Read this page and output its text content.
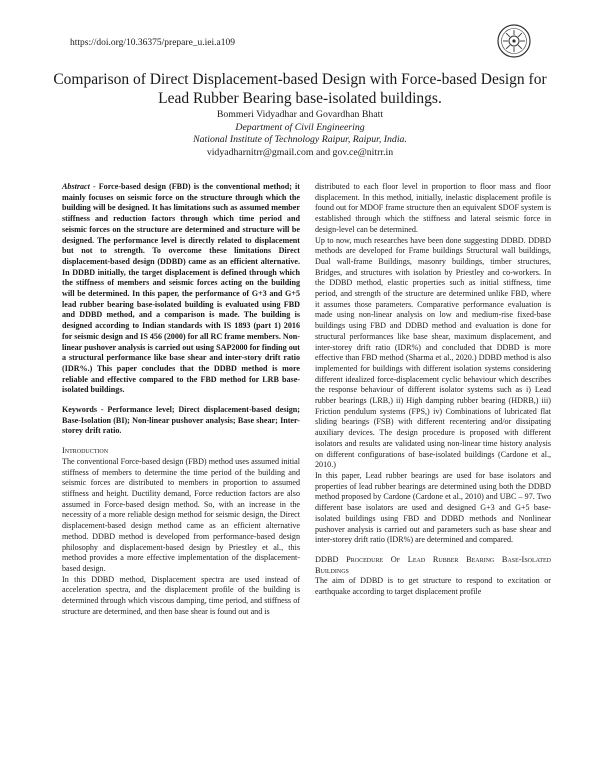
https://doi.org/10.36375/prepare_u.iei.a109
Comparison of Direct Displacement-based Design with Force-based Design for Lead Rubber Bearing base-isolated buildings.
Bommeri Vidyadhar and Govardhan Bhatt
Department of Civil Engineering
National Institute of Technology Raipur, Raipur, India.
vidyadharnitrr@gmail.com and gov.ce@nitrr.in

Abstract - Force-based design (FBD) is the conventional method; it mainly focuses on seismic force on the structure through which the building will be designed. It has limitations such as assumed member stiffness and reduction factors through which time period and seismic forces on the structure are determined and structure will be designed. The performance level is directly related to displacement but not to strength. To overcome these limitations Direct displacement-based design (DDBD) came as an efficient alternative. In DDBD initially, the target displacement is defined through which the stiffness of members and seismic forces acting on the building will be determined. In this paper, the performance of G+3 and G+5 lead rubber bearing base-isolated building is evaluated using FBD and DDBD method, and a comparison is made. The building is designed according to Indian standards with IS 1893 (part 1) 2016 for seismic design and IS 456 (2000) for all RC frame members. Non-linear pushover analysis is carried out using SAP2000 for finding out a structural performance like base shear and inter-story drift ratio (IDR%.) This paper concludes that the DDBD method is more reliable and effective compared to the FBD method for LRB base-isolated buildings.

Keywords - Performance level; Direct displacement-based design; Base-Isolation (BI); Non-linear pushover analysis; Base shear; Inter-storey drift ratio.

Introduction

The conventional Force-based design (FBD) method uses assumed initial stiffness of members to determine the time period of the building and seismic forces are distributed to members in proportion to assumed stiffness and height. Ductility demand, Force reduction factors are also assumed in Force-based design method. So, with an increase in the necessity of a more reliable design method for seismic design, the Direct displacement-based design method came as an efficient alternative method. DDBD method is developed from performance-based design philosophy and displacement-based design by Priestley et al., this method provides a more effective implementation of the displacement-based design.

In this DDBD method, Displacement spectra are used instead of acceleration spectra, and the displacement profile of the building is determined through which viscous damping, time period, and stiffness of structure are determined, and then base shear is found out and is

distributed to each floor level in proportion to floor mass and floor displacement. In this method, initially, inelastic displacement profile is found out for MDOF frame structure then an equivalent SDOF system is established through which the stiffness and lateral seismic force in design-level can be determined.

Up to now, much researches have been done suggesting DDBD. DDBD methods are developed for Frame buildings Structural wall buildings, Dual wall-frame Buildings, masonry buildings, timber structures, Bridges, and structures with isolation by Priestley and co-workers. In the DDBD method, elastic properties such as initial stiffness, time period, and strength of the structure are determined unlike FBD, where it assumes those parameters. Comparative performance evaluation is made using non-linear analysis on low and medium-rise fixed-base buildings using FBD and DDBD method and evaluation is done for structural performances like base shear, maximum displacement, and inter-storey drift ratio (IDR%) and concluded that DDBD is more effective than FBD method (Sharma et al., 2020.) DDBD method is also implemented for buildings with different isolation systems considering different idealized force-displacement cyclic behaviour which describes the response behaviour of different isolator systems such as i) Lead rubber bearings (LRB,) ii) High damping rubber bearing (HDRB,) iii) Friction pendulum systems (FPS,) iv) Combinations of lubricated flat sliding bearings (FSB) with different recentering and/or dissipating auxiliary devices. The design procedure is proposed with different isolators and results are validated using non-linear time history analysis on different configurations of base-isolated buildings (Cardone et al., 2010.)

In this paper, Lead rubber bearings are used for base isolators and properties of lead rubber bearings are determined using both the DDBD method proposed by Cardone (Cardone et al., 2010) and UBC – 97. Two different base isolators are used and designed G+3 and G+5 base-isolated buildings using FBD and DDBD methods and Nonlinear pushover analysis is carried out and parameters such as base shear and inter-storey drift ratio (IDR%) are determined and compared.

DDBD Procedure Of Lead Rubber Bearing Base-Isolated Buildings

The aim of DDBD is to get structure to respond to excitation or earthquake according to target displacement profile
